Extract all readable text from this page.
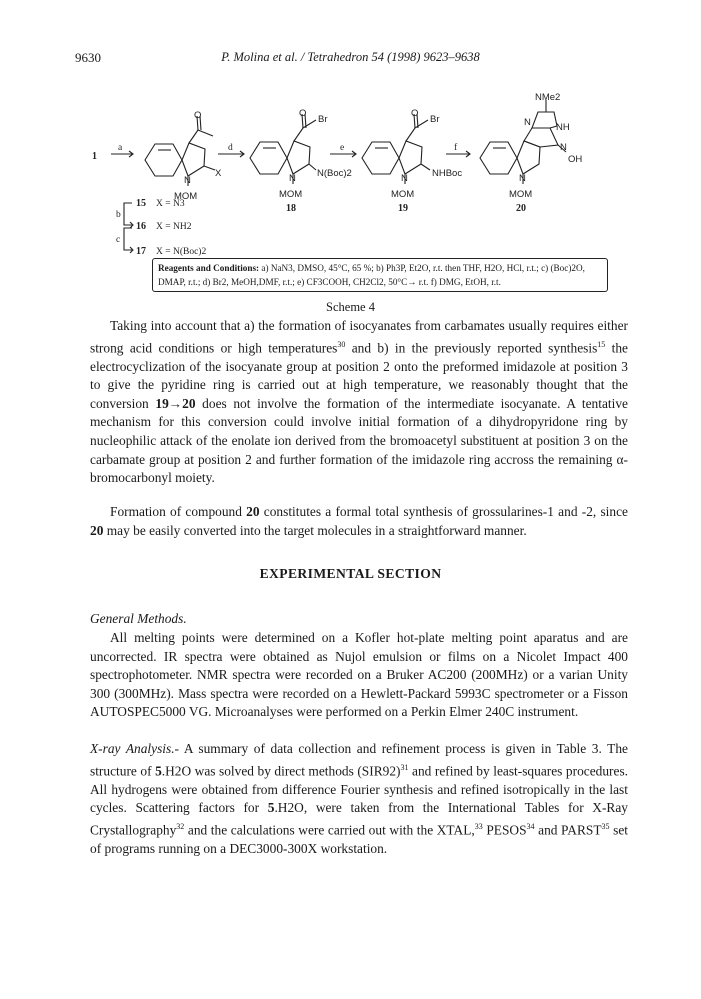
9630	P. Molina et al. / Tetrahedron 54 (1998) 9623–9638
1
a
O
X
N
MOM
d
O
Br
N(Boc)2
N
MOM
18
e
O
Br
NHBoc
N
MOM
19
f
NMe2
N	NH
N
OH
N
MOM
20
b
15 X = N3
16 X = NH2
c
17 X = N(Boc)2
Reagents and Conditions: a) NaN3, DMSO, 45°C, 65 %; b) Ph3P, Et2O, r.t. then THF, H2O, HCl, r.t.; c) (Boc)2O, DMAP, r.t.; d) Br2, MeOH,DMF, r.t.; e) CF3COOH, CH2Cl2, 50°C→ r.t. f) DMG, EtOH, r.t.
Scheme 4
Taking into account that a) the formation of isocyanates from carbamates usually requires either strong acid conditions or high temperatures$^{30}$ and b) in the previously reported synthesis$^{15}$ the electrocyclization of the isocyanate group at position 2 onto the preformed imidazole at position 3 to give the pyridine ring is carried out at high temperature, we reasonably thought that the conversion 19→20 does not involve the formation of the intermediate isocyanate. A tentative mechanism for this conversion could involve initial formation of a dihydropyridone ring by nucleophilic attack of the enolate ion derived from the bromoacetyl substituent at position 3 on the carbamate group at position 2 and further formation of the imidazole ring accross the remaining α-bromocarbonyl moiety.
Formation of compound 20 constitutes a formal total synthesis of grossularines-1 and -2, since 20 may be easily converted into the target molecules in a straightforward manner.
EXPERIMENTAL SECTION
General Methods.
All melting points were determined on a Kofler hot-plate melting point aparatus and are uncorrected. IR spectra were obtained as Nujol emulsion or films on a Nicolet Impact 400 spectrophotometer. NMR spectra were recorded on a Bruker AC200 (200MHz) or a varian Unity 300 (300MHz). Mass spectra were recorded on a Hewlett-Packard 5993C spectrometer or a Fisson AUTOSPEC5000 VG. Microanalyses were performed on a Perkin Elmer 240C instrument.
X-ray Analysis.- A summary of data collection and refinement process is given in Table 3. The structure of 5.H2O was solved by direct methods $(SIR92)^{31}$ and refined by least-squares procedures. All hydrogens were obtained from difference Fourier synthesis and refined isotropically in the last cycles. Scattering factors for 5.H2O, were taken from the International Tables for X-Ray Crystallography$^{32}$ and the calculations were carried out with the XTAL,$^{33}$ PESOS$^{34}$ and PARST$^{35}$ set of programs running on a DEC3000-300X workstation.
